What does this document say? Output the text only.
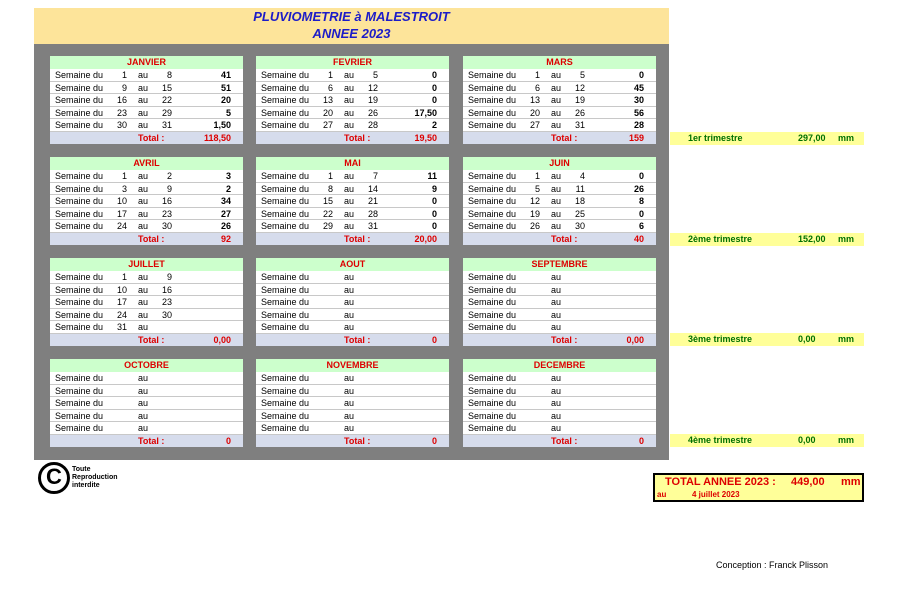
PLUVIOMETRIE à MALESTROIT
ANNEE 2023
JANVIER
Semaine du	1 au	8	41
Semaine du	9 au	15	51
Semaine du	16 au	22	20
Semaine du	23 au	29	5
Semaine du	30 au	31	1,50
Total :	118,50
FEVRIER
Semaine du	1 au	5	0
Semaine du	6 au	12	0
Semaine du	13 au	19	0
Semaine du	20 au	26	17,50
Semaine du	27 au	28	2
Total :	19,50
MARS
Semaine du	1 au	5	0
Semaine du	6 au	12	45
Semaine du	13 au	19	30
Semaine du	20 au	26	56
Semaine du	27 au	31	28
Total :	159
AVRIL
Semaine du	1 au	2	3
Semaine du	3 au	9	2
Semaine du	10 au	16	34
Semaine du	17 au	23	27
Semaine du	24 au	30	26
Total :	92
MAI
Semaine du	1 au	7	11
Semaine du	8 au	14	9
Semaine du	15 au	21	0
Semaine du	22 au	28	0
Semaine du	29 au	31	0
Total :	20,00
JUIN
Semaine du	1 au	4	0
Semaine du	5 au	11	26
Semaine du	12 au	18	8
Semaine du	19 au	25	0
Semaine du	26 au	30	6
Total :	40
JUILLET
Semaine du	1 au	9
Semaine du	10 au	16
Semaine du	17 au	23
Semaine du	24 au	30
Semaine du	31 au
Total :	0,00
AOUT
Semaine du	au
Semaine du	au
Semaine du	au
Semaine du	au
Semaine du	au
Total :	0
SEPTEMBRE
Semaine du	au
Semaine du	au
Semaine du	au
Semaine du	au
Semaine du	au
Total :	0,00
OCTOBRE
Semaine du	au
Semaine du	au
Semaine du	au
Semaine du	au
Semaine du	au
Total :	0
NOVEMBRE
Semaine du	au
Semaine du	au
Semaine du	au
Semaine du	au
Semaine du	au
Total :	0
DECEMBRE
Semaine du	au
Semaine du	au
Semaine du	au
Semaine du	au
Semaine du	au
Total :	0
1er trimestre	297,00 mm
2ème trimestre	152,00 mm
3ème trimestre	0,00 mm
4ème trimestre	0,00 mm
C	Toute
Reproduction
interdite	TOTAL ANNEE 2023 : 449,00	mm
au	4 juillet 2023
Conception : Franck Plisson
